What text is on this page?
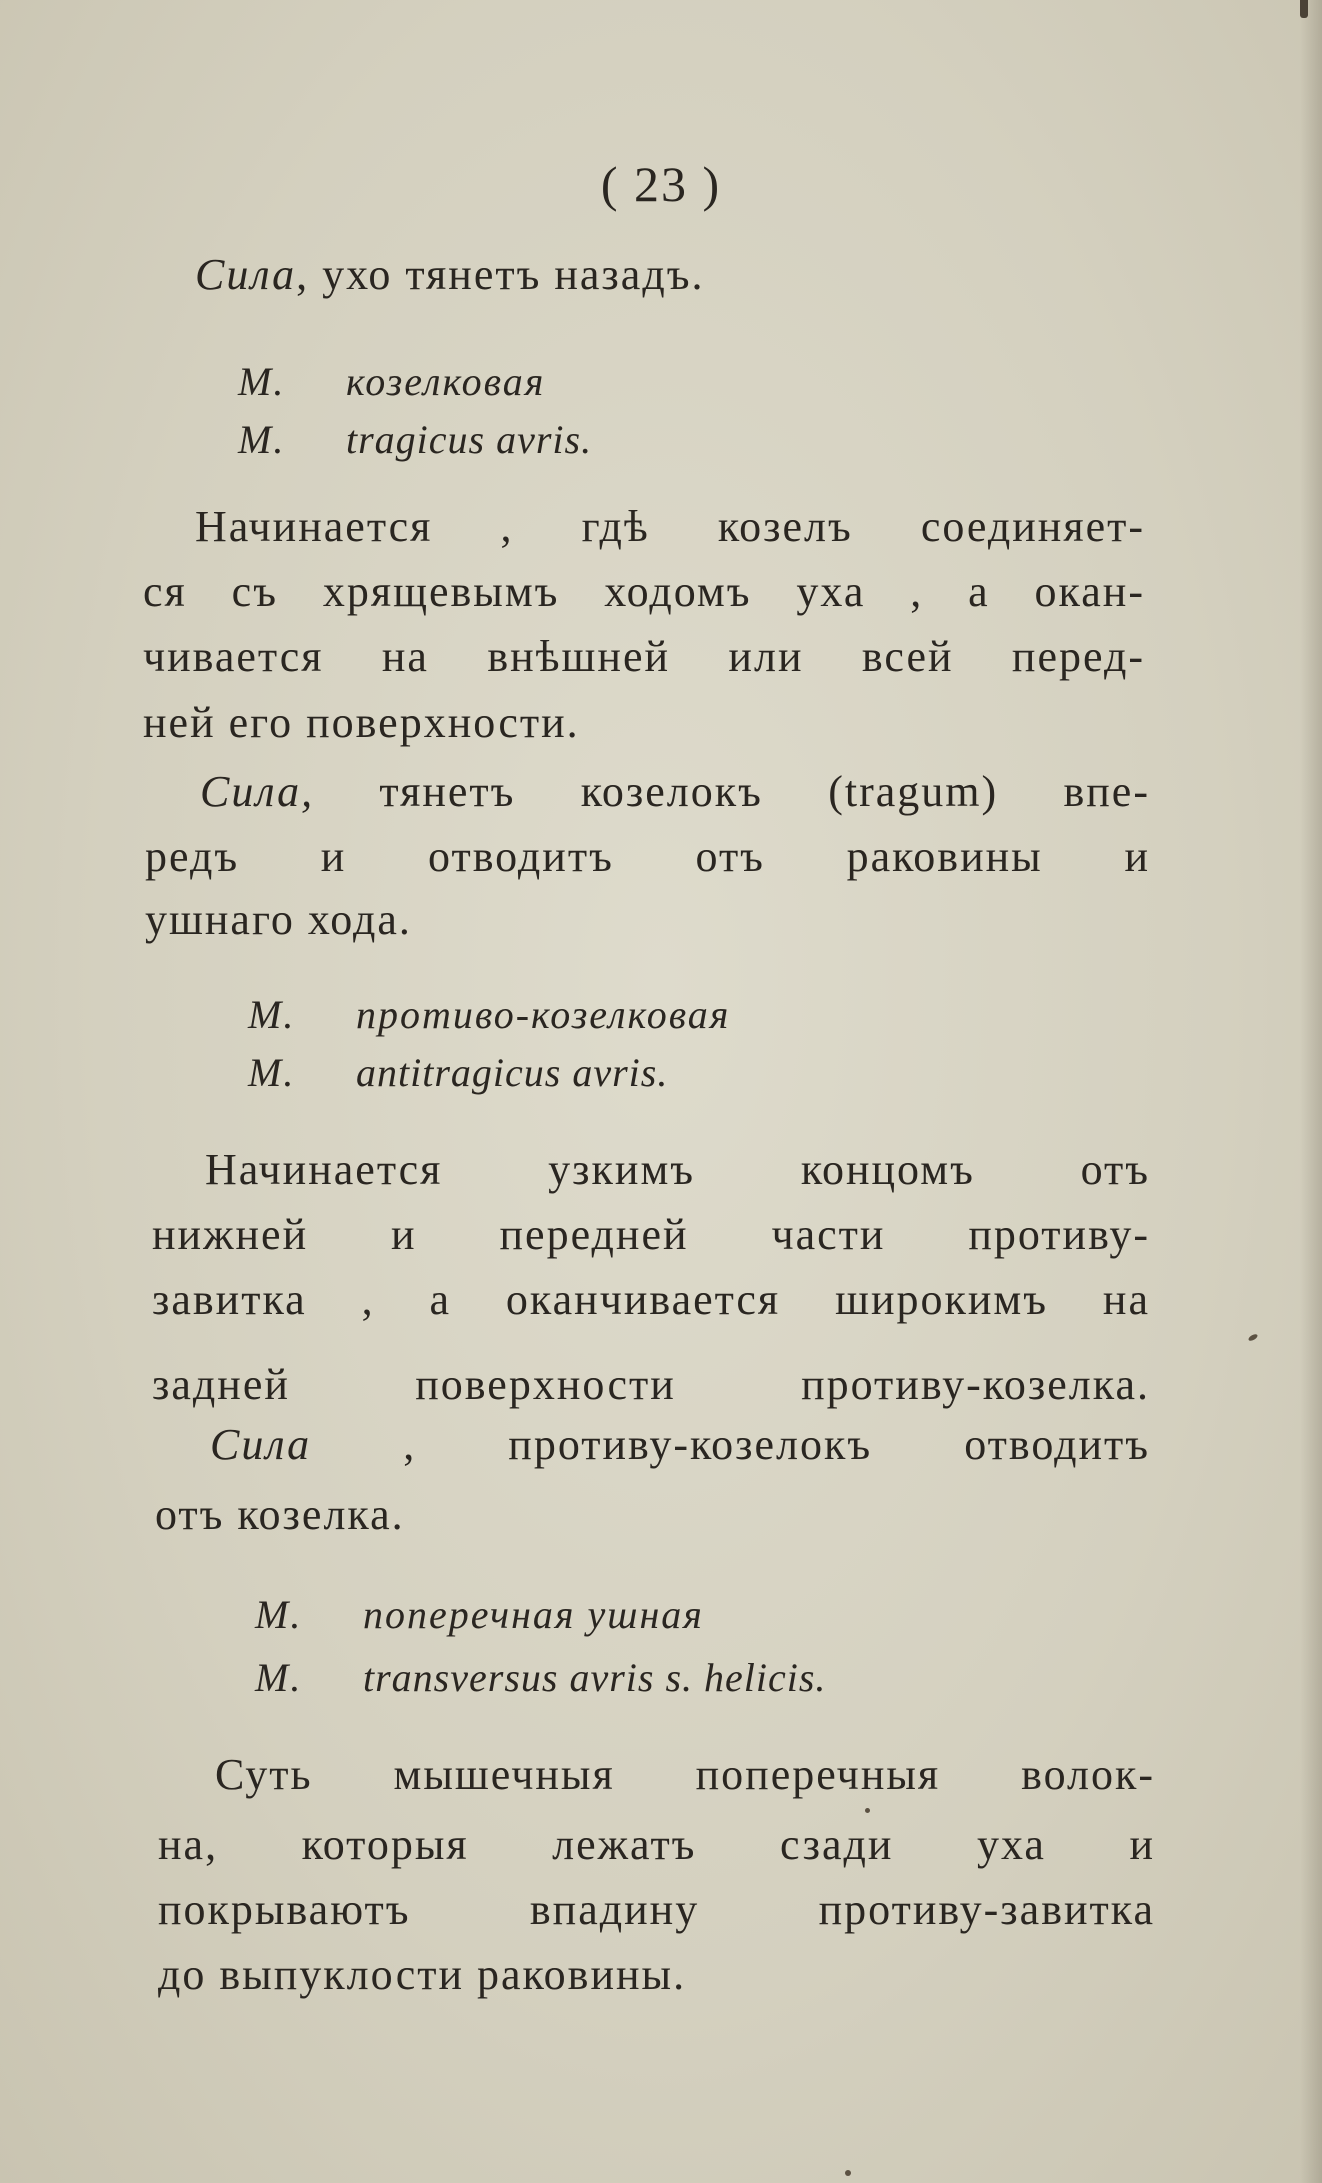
( 23 )
Сила, ухо тянетъ назадъ.
M. козелковая
M. tragicus avris.
Начинается , гдѣ козелъ соединяет-
ся съ хрящевымъ ходомъ уха , а окан-
чивается на внѣшней или всей перед-
ней его поверхности.
Сила, тянетъ козелокъ (tragum) впе-
редъ и отводитъ отъ раковины и
ушнаго хода.
M. противо-козелковая
M. antitragicus avris.
Начинается узкимъ концомъ отъ
нижней и передней части противу-
завитка , а оканчивается широкимъ на
задней поверхности противу-козелка.
Сила , противу-козелокъ отводитъ
отъ козелка.
M. поперечная ушная
M. transversus avris s. helicis.
Суть мышечныя поперечныя волок-
на, которыя лежатъ сзади уха и
покрываютъ впадину противу-завитка
до выпуклости раковины.
